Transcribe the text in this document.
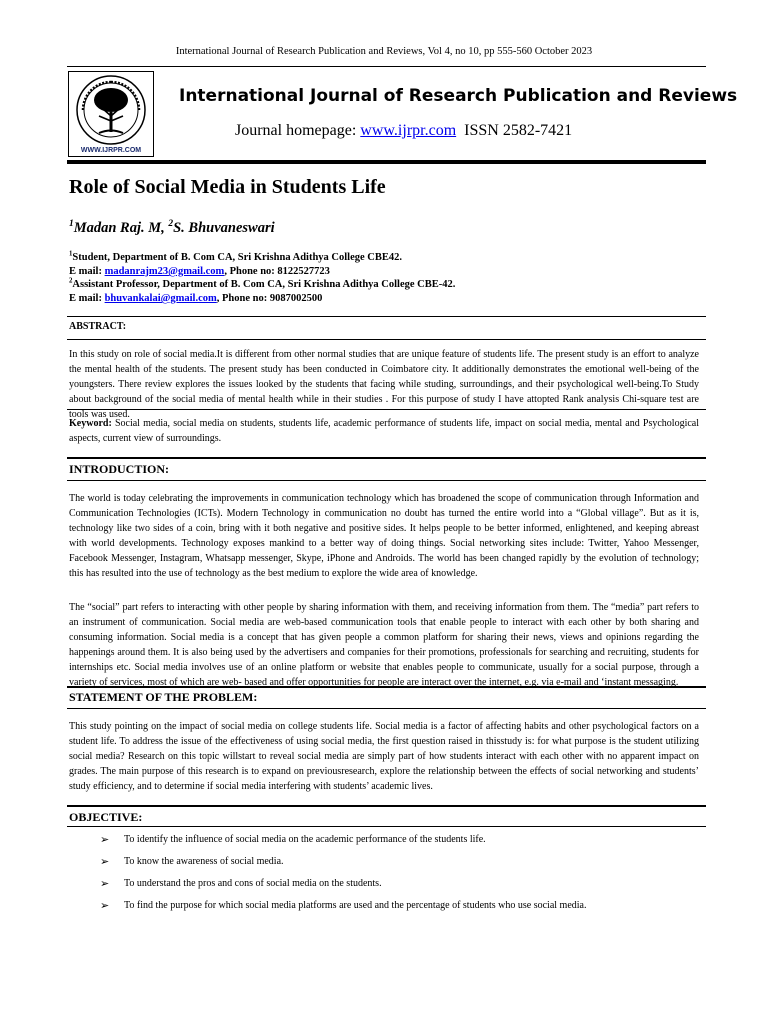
International Journal of Research Publication and Reviews, Vol 4, no 10, pp 555-560 October 2023
WWW.IJRPR.COM
International Journal of Research Publication and Reviews
Journal homepage: www.ijrpr.com ISSN 2582-7421
Role of Social Media in Students Life
$^1$Madan Raj. M, $^2$S. Bhuvaneswari
$^1$Student, Department of B. Com CA, Sri Krishna Adithya College CBE42.
E mail: madanrajm23@gmail.com, Phone no: 8122527723
$^2$Assistant Professor, Department of B. Com CA, Sri Krishna Adithya College CBE-42.
E mail: bhuvankalai@gmail.com, Phone no: 9087002500
ABSTRACT:

In this study on role of social media.It is different from other normal studies that are unique feature of students life. The present study is an effort to analyze the mental health of the students. The present study has been conducted in Coimbatore city. It additionally demonstrates the emotional well-being of the youngsters. There review explores the issues looked by the students that facing while studing, surroundings, and their psychological well-being.To Study about background of the social media of mental health while in their studies . For this purpose of study I have attopted Rank analysis Chi-square test are tools was used.

Keyword: Social media, social media on students, students life, academic performance of students life, impact on social media, mental and Psychological aspects, current view of surroundings.

INTRODUCTION:

The world is today celebrating the improvements in communication technology which has broadened the scope of communication through Information and Communication Technologies (ICTs). Modern Technology in communication no doubt has turned the entire world into a “Global village”. But as it is, technology like two sides of a coin, bring with it both negative and positive sides. It helps people to be better informed, enlightened, and keeping abreast with world developments. Technology exposes mankind to a better way of doing things. Social networking sites include: Twitter, Yahoo Messenger, Facebook Messenger, Instagram, Whatsapp messenger, Skype, iPhone and Androids. The world has been changed rapidly by the evolution of technology; this has resulted into the use of technology as the best medium to explore the wide area of knowledge.

The “social” part refers to interacting with other people by sharing information with them, and receiving information from them. The “media” part refers to an instrument of communication. Social media are web-based communication tools that enable people to interact with each other by both sharing and consuming information. Social media is a concept that has given people a common platform for sharing their news, views and opinions regarding the happenings around them. It is also being used by the advertisers and companies for their promotions, professionals for searching and recruiting, students for internships etc. Social media involves use of an online platform or website that enables people to communicate, usually for a social purpose, through a variety of services, most of which are web- based and offer opportunities for people are interact over the internet, e.g. via e-mail and ‘instant messaging.

STATEMENT OF THE PROBLEM:

This study pointing on the impact of social media on college students life. Social media is a factor of affecting habits and other psychological factors on a student life. To address the issue of the effectiveness of using social media, the first question raised in thisstudy is: for what purpose is the student utilizing social media? Research on this topic willstart to reveal social media are simply part of how students interact with each other with no apparent impact on grades. The main purpose of this research is to expand on previousresearch, explore the relationship between the effects of social networking and students’ study efficiency, and to determine if social media interfering with students’ academic lives.

OBJECTIVE:
➢	To identify the influence of social media on the academic performance of the students life.
➢	To know the awareness of social media.
➢	To understand the pros and cons of social media on the students.
➢	To find the purpose for which social media platforms are used and the percentage of students who use social media.
